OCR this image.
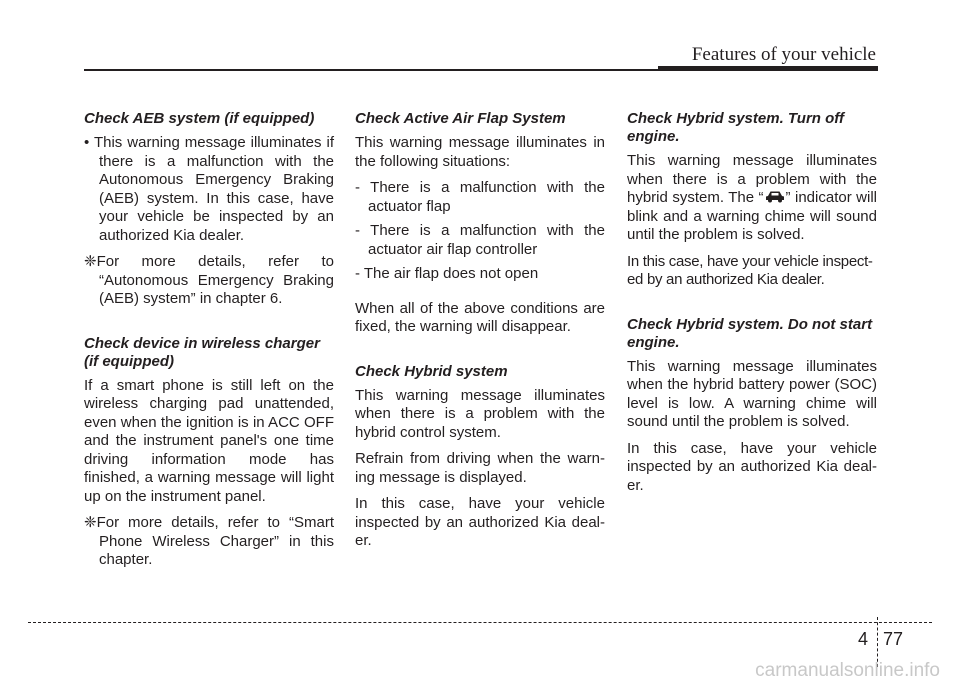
Features of your vehicle
Check AEB system (if equipped)
• This warning message illuminates if there is a malfunction with the Autonomous Emergency Braking (AEB) system. In this case, have your vehicle be inspected by an authorized Kia dealer.
❈For more details, refer to “Autonomous Emergency Braking (AEB) system” in chapter 6.
Check device in wireless charger (if equipped)
If a smart phone is still left on the wireless charging pad unattended, even when the ignition is in ACC OFF and the instrument panel's one time driving information mode has finished, a warning message will light up on the instrument panel.
❈For more details, refer to “Smart Phone Wireless Charger” in this chapter.
Check Active Air Flap System
This warning message illuminates in the following situations:
- There is a malfunction with the actuator flap
- There is a malfunction with the actuator air flap controller
- The air flap does not open
When all of the above conditions are fixed, the warning will disappear.
Check Hybrid system
This warning message illuminates when there is a problem with the hybrid control system.
Refrain from driving when the warn-ing message is displayed.
In this case, have your vehicle inspected by an authorized Kia deal-er.
Check Hybrid system. Turn off engine.
This warning message illuminates when there is a problem with the hybrid system. The “ ” indicator will blink and a warning chime will sound until the problem is solved.
In this case, have your vehicle inspect-ed by an authorized Kia dealer.
Check Hybrid system. Do not start engine.
This warning message illuminates when the hybrid battery power (SOC) level is low. A warning chime will sound until the problem is solved.
In this case, have your vehicle inspected by an authorized Kia deal-er.
4 77
carmanualsonline.info
